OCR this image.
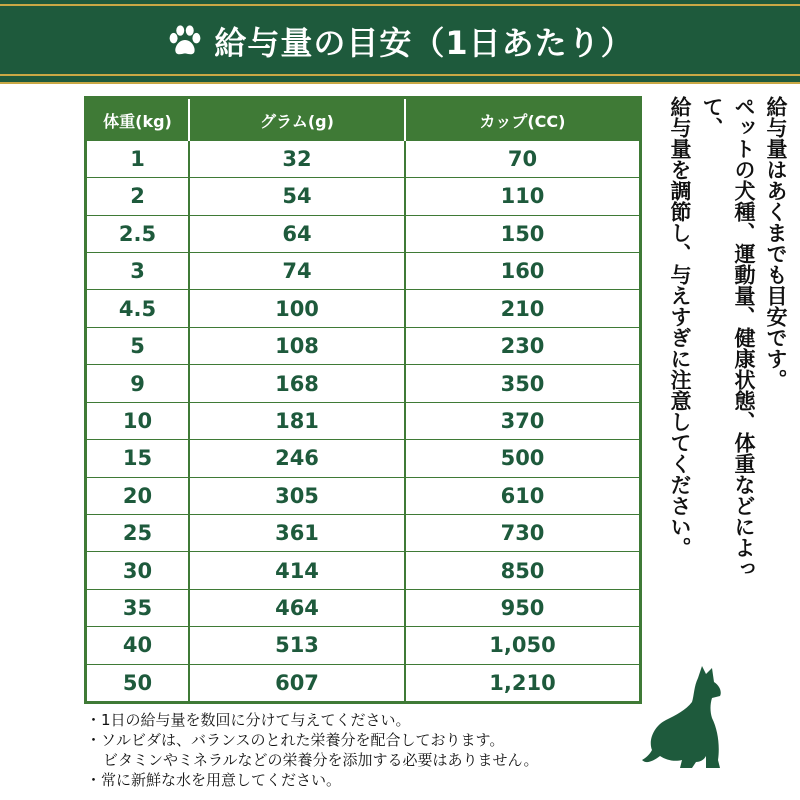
給与量の目安（1日あたり）
体重(kg)	グラム(g)	カップ(CC)
1	32	70
2	54	110
2.5	64	150
3	74	160
4.5	100	210
5	108	230
9	168	350
10	181	370
15	246	500
20	305	610
25	361	730
30	414	850
35	464	950
40	513	1,050
50	607	1,210
給与量はあくまでも目安です。
ペットの犬種、運動量、健康状態、体重などによって、
給与量を調節し、与えすぎに注意してください。
・1日の給与量を数回に分けて与えてください。
・ソルビダは、バランスのとれた栄養分を配合しております。
ビタミンやミネラルなどの栄養分を添加する必要はありません。
・常に新鮮な水を用意してください。
